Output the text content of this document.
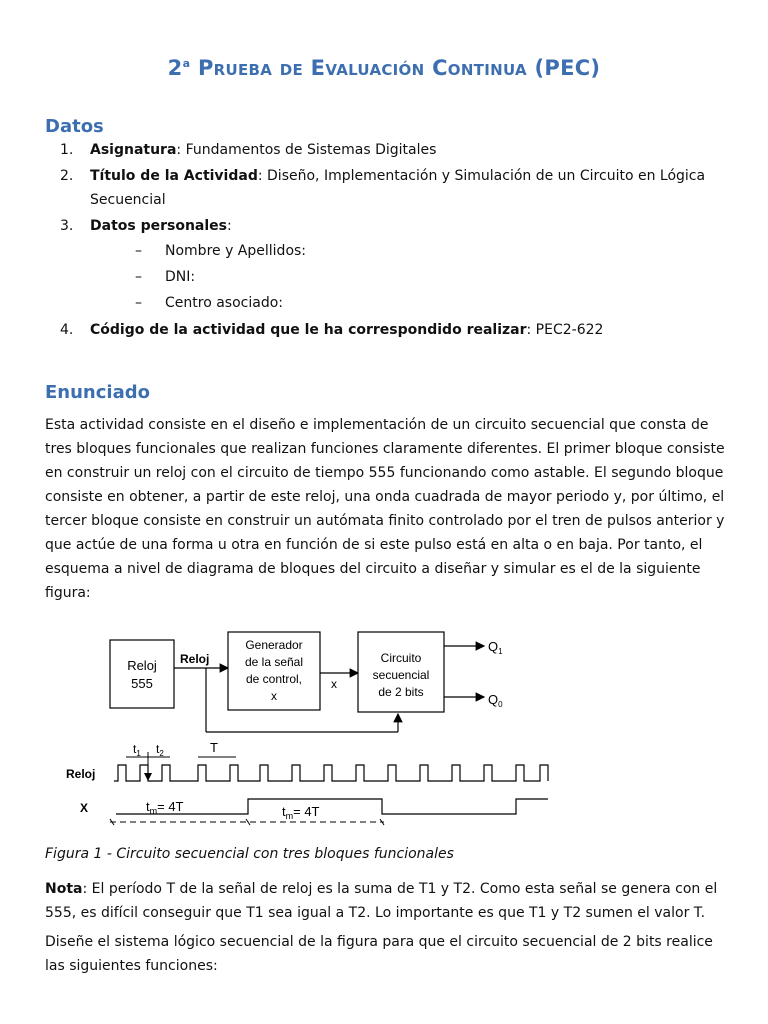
2$^a$ Prueba de Evaluación Continua (PEC)
Datos
1. Asignatura: Fundamentos de Sistemas Digitales
2. Título de la Actividad: Diseño, Implementación y Simulación de un Circuito en Lógica Secuencial
3. Datos personales:
– Nombre y Apellidos:
– DNI:
– Centro asociado:
4. Código de la actividad que le ha correspondido realizar: PEC2-622
Enunciado

Esta actividad consiste en el diseño e implementación de un circuito secuencial que consta de tres bloques funcionales que realizan funciones claramente diferentes. El primer bloque consiste en construir un reloj con el circuito de tiempo 555 funcionando como astable. El segundo bloque consiste en obtener, a partir de este reloj, una onda cuadrada de mayor periodo y, por último, el tercer bloque consiste en construir un autómata finito controlado por el tren de pulsos anterior y que actúe de una forma u otra en función de si este pulso está en alta o en baja. Por tanto, el esquema a nivel de diagrama de bloques del circuito a diseñar y simular es el de la siguiente figura:

Reloj
555
Reloj
Generador
de la señal
de control,
x
x
Circuito
secuencial
de 2 bits
$Q_1$
$Q_0$
$t_1$ $t_2$	T
Reloj
X	$t_m= 4T$	$t_m= 4T$

Figura 1 - Circuito secuencial con tres bloques funcionales

Nota: El período T de la señal de reloj es la suma de T1 y T2. Como esta señal se genera con el 555, es difícil conseguir que T1 sea igual a T2. Lo importante es que T1 y T2 sumen el valor T.

Diseñe el sistema lógico secuencial de la figura para que el circuito secuencial de 2 bits realice las siguientes funciones:
